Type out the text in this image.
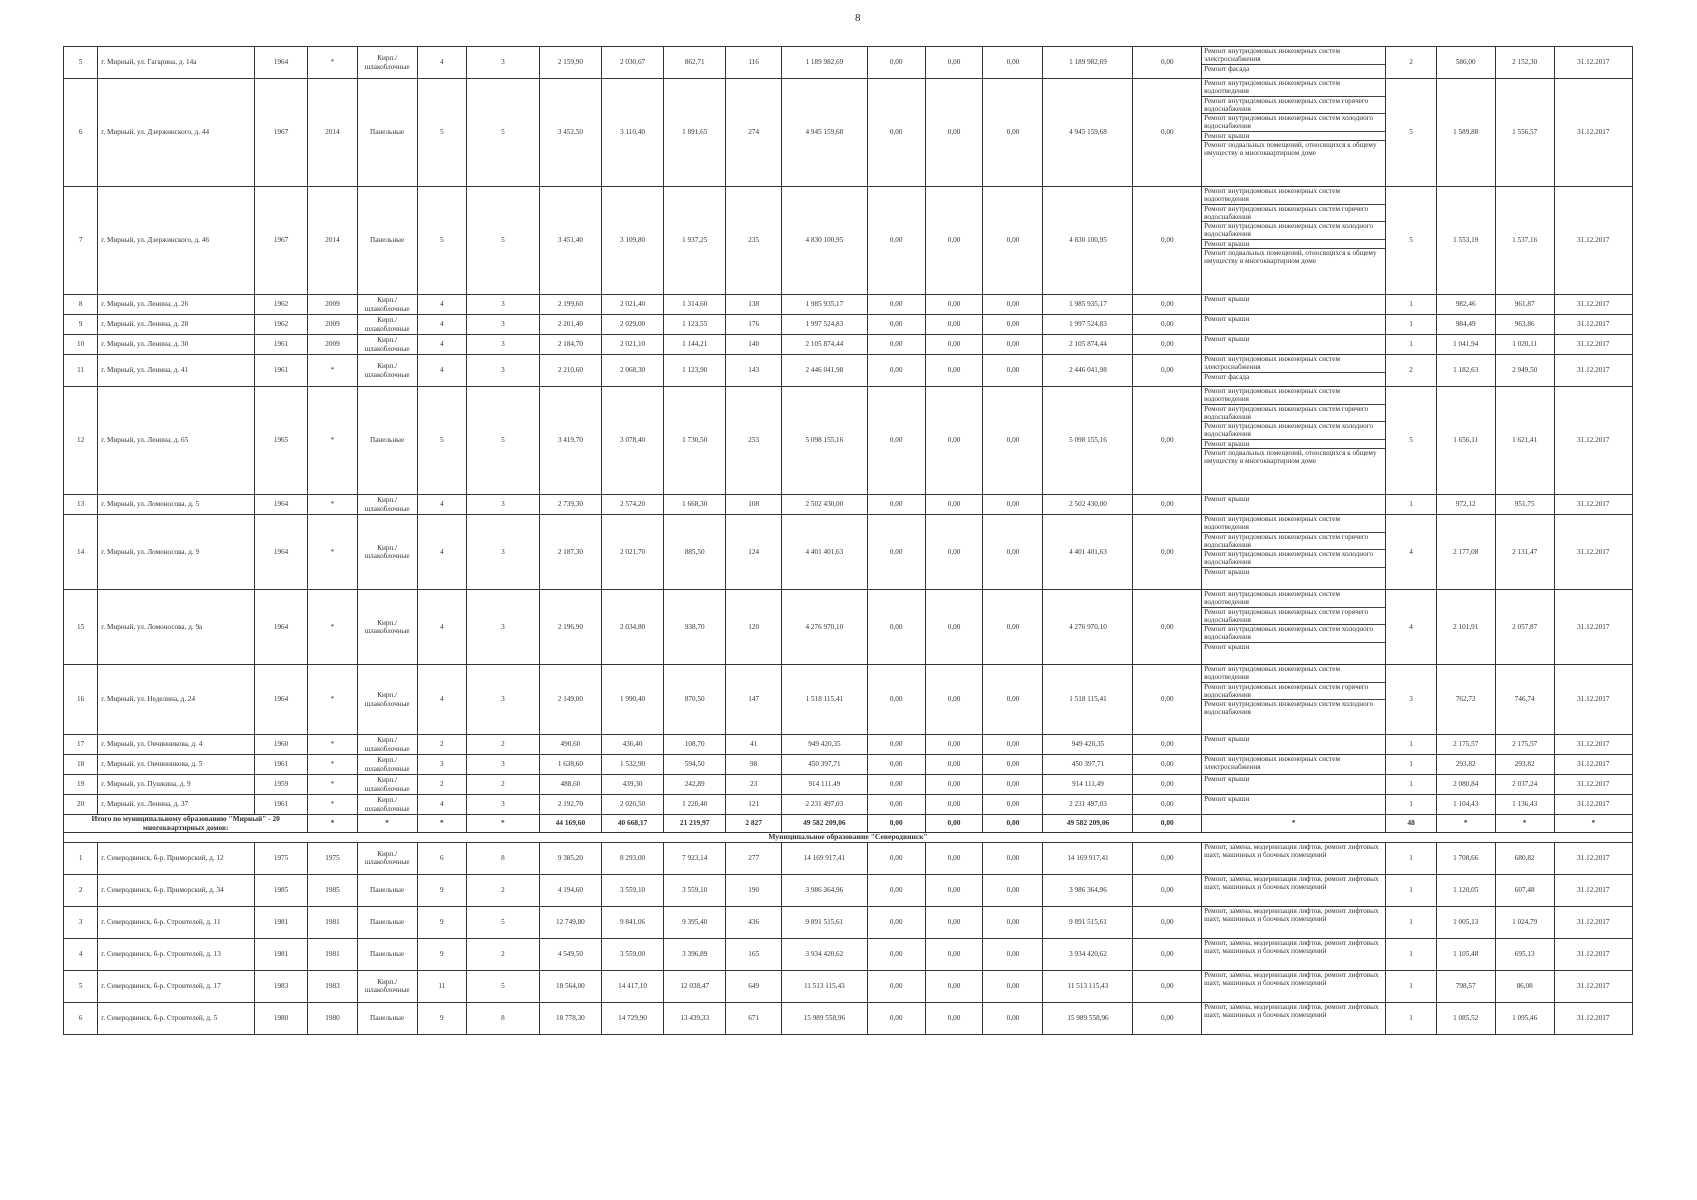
8
5	г. Мирный, ул. Гагарина, д. 14а	1964	*	Кирп./ шлакоблочные	4	3	2 159,90	2 030,67	862,71	116	1 189 982,69	0,00	0,00	0,00	1 189 982,69	0,00	Ремонт внутридомовых инженерных систем электроснабжения
Ремонт фасада	2	586,00	2 152,30	31.12.2017
6	г. Мирный, ул. Дзержинского, д. 44	1967	2014	Панельные	5	5	3 452,50	3 110,40	1 891,65	274	4 945 159,68	0,00	0,00	0,00	4 945 159,68	0,00	Ремонт внутридомовых инженерных систем водоотведения
Ремонт внутридомовых инженерных систем горячего водоснабжения
Ремонт внутридомовых инженерных систем холодного водоснабжения
Ремонт крыши
Ремонт подвальных помещений, относящихся к общему имуществу в многоквартирном доме	5	1 589,88	1 556,57	31.12.2017
7	г. Мирный, ул. Дзержинского, д. 46	1967	2014	Панельные	5	5	3 451,40	3 109,80	1 937,25	235	4 830 100,95	0,00	0,00	0,00	4 830 100,95	0,00	Ремонт внутридомовых инженерных систем водоотведения
Ремонт внутридомовых инженерных систем горячего водоснабжения
Ремонт внутридомовых инженерных систем холодного водоснабжения
Ремонт крыши
Ремонт подвальных помещений, относящихся к общему имуществу в многоквартирном доме	5	1 553,19	1 537,16	31.12.2017
8	г. Мирный, ул. Ленина, д. 26	1962	2009	Кирп./ шлакоблочные	4	3	2 199,60	2 021,40	1 314,60	138	1 985 935,17	0,00	0,00	0,00	1 985 935,17	0,00	Ремонт крыши	1	982,46	961,87	31.12.2017
9	г. Мирный, ул. Ленина, д. 28	1962	2009	Кирп./ шлакоблочные	4	3	2 201,40	2 029,00	1 123,55	176	1 997 524,83	0,00	0,00	0,00	1 997 524,83	0,00	Ремонт крыши	1	984,49	963,86	31.12.2017
10	г. Мирный, ул. Ленина, д. 30	1961	2009	Кирп./ шлакоблочные	4	3	2 184,70	2 021,10	1 144,21	140	2 105 874,44	0,00	0,00	0,00	2 105 874,44	0,00	Ремонт крыши	1	1 041,94	1 020,11	31.12.2017
11	г. Мирный, ул. Ленина, д. 41	1961	*	Кирп./ шлакоблочные	4	3	2 210,60	2 068,30	1 123,90	143	2 446 041,98	0,00	0,00	0,00	2 446 041,98	0,00	Ремонт внутридомовых инженерных систем электроснабжения
Ремонт фасада	2	1 182,63	2 949,50	31.12.2017
12	г. Мирный, ул. Ленина, д. 65	1965	*	Панельные	5	5	3 419,70	3 078,40	1 730,50	253	5 098 155,16	0,00	0,00	0,00	5 098 155,16	0,00	Ремонт внутридомовых инженерных систем водоотведения
Ремонт внутридомовых инженерных систем горячего водоснабжения
Ремонт внутридомовых инженерных систем холодного водоснабжения
Ремонт крыши
Ремонт подвальных помещений, относящихся к общему имуществу в многоквартирном доме	5	1 656,11	1 621,41	31.12.2017
13	г. Мирный, ул. Ломоносова, д. 5	1964	*	Кирп./ шлакоблочные	4	3	2 739,30	2 574,20	1 668,30	108	2 502 430,00	0,00	0,00	0,00	2 502 430,00	0,00	Ремонт крыши	1	972,12	951,75	31.12.2017
14	г. Мирный, ул. Ломоносова, д. 9	1964	*	Кирп./ шлакоблочные	4	3	2 187,30	2 021,70	885,50	124	4 401 401,63	0,00	0,00	0,00	4 401 401,63	0,00	Ремонт внутридомовых инженерных систем водоотведения
Ремонт внутридомовых инженерных систем горячего водоснабжения
Ремонт внутридомовых инженерных систем холодного водоснабжения
Ремонт крыши	4	2 177,08	2 131,47	31.12.2017
15	г. Мирный, ул. Ломоносова, д. 9а	1964	*	Кирп./ шлакоблочные	4	3	2 196,90	2 034,80	938,70	120	4 276 970,10	0,00	0,00	0,00	4 276 970,10	0,00	Ремонт внутридомовых инженерных систем водоотведения
Ремонт внутридомовых инженерных систем горячего водоснабжения
Ремонт внутридомовых инженерных систем холодного водоснабжения
Ремонт крыши	4	2 101,91	2 057,87	31.12.2017
16	г. Мирный, ул. Неделина, д. 24	1964	*	Кирп./ шлакоблочные	4	3	2 149,00	1 990,40	870,50	147	1 518 115,41	0,00	0,00	0,00	1 518 115,41	0,00	Ремонт внутридомовых инженерных систем водоотведения
Ремонт внутридомовых инженерных систем горячего водоснабжения
Ремонт внутридомовых инженерных систем холодного водоснабжения	3	762,72	746,74	31.12.2017
17	г. Мирный, ул. Овчинникова, д. 4	1960	*	Кирп./ шлакоблочные	2	2	490,60	436,40	108,70	41	949 420,35	0,00	0,00	0,00	949 420,35	0,00	Ремонт крыши	1	2 175,57	2 175,57	31.12.2017
18	г. Мирный, ул. Овчинникова, д. 5	1961	*	Кирп./ шлакоблочные	3	3	1 638,60	1 532,90	594,50	98	450 397,71	0,00	0,00	0,00	450 397,71	0,00	Ремонт внутридомовых инженерных систем электроснабжения	1	293,82	293,82	31.12.2017
19	г. Мирный, ул. Пушкина, д. 9	1959	*	Кирп./ шлакоблочные	2	2	488,60	439,30	242,89	23	914 111,49	0,00	0,00	0,00	914 111,49	0,00	Ремонт крыши	1	2 080,84	2 037,24	31.12.2017
20	г. Мирный, ул. Ленина, д. 37	1961	*	Кирп./ шлакоблочные	4	3	2 192,70	2 020,50	1 220,40	121	2 231 497,03	0,00	0,00	0,00	2 231 497,03	0,00	Ремонт крыши	1	1 104,43	1 136,43	31.12.2017
Итого по муниципальному образованию "Мирный" - 20 многоквартирных домов:			*	*	*	*	44 169,60	40 668,17	21 219,97	2 827	49 582 209,06	0,00	0,00	0,00	49 582 209,06	0,00	*	48	*	*	*
Муниципальное образование "Северодвинск"																					
1	г. Северодвинск, б-р. Приморский, д. 12	1975	1975	Кирп./ шлакоблочные	6	8	9 385,20	8 293,00	7 923,14	277	14 169 917,41	0,00	0,00	0,00	14 169 917,41	0,00	Ремонт, замена, модернизация лифтов, ремонт лифтовых шахт, машинных и блочных помещений	1	1 708,66	680,82	31.12.2017
2	г. Северодвинск, б-р. Приморский, д. 34	1985	1985	Панельные	9	2	4 194,60	3 559,10	3 559,10	190	3 986 364,96	0,00	0,00	0,00	3 986 364,96	0,00	Ремонт, замена, модернизация лифтов, ремонт лифтовых шахт, машинных и блочных помещений	1	1 120,05	607,48	31.12.2017
3	г. Северодвинск, б-р. Строителей, д. 11	1981	1981	Панельные	9	5	12 749,80	9 841,06	9 395,40	436	9 891 515,61	0,00	0,00	0,00	9 891 515,61	0,00	Ремонт, замена, модернизация лифтов, ремонт лифтовых шахт, машинных и блочных помещений	1	1 005,13	1 024,79	31.12.2017
4	г. Северодвинск, б-р. Строителей, д. 13	1981	1981	Панельные	9	2	4 549,50	3 559,00	3 396,89	165	3 934 420,62	0,00	0,00	0,00	3 934 420,62	0,00	Ремонт, замена, модернизация лифтов, ремонт лифтовых шахт, машинных и блочных помещений	1	1 105,48	695,13	31.12.2017
5	г. Северодвинск, б-р. Строителей, д. 17	1983	1983	Кирп./ шлакоблочные	11	5	18 564,00	14 417,10	12 038,47	649	11 513 115,43	0,00	0,00	0,00	11 513 115,43	0,00	Ремонт, замена, модернизация лифтов, ремонт лифтовых шахт, машинных и блочных помещений	1	798,57	86,08	31.12.2017
6	г. Северодвинск, б-р. Строителей, д. 5	1980	1980	Панельные	9	8	18 778,30	14 729,90	13 439,33	671	15 989 558,96	0,00	0,00	0,00	15 989 558,96	0,00	Ремонт, замена, модернизация лифтов, ремонт лифтовых шахт, машинных и блочных помещений	1	1 085,52	1 095,46	31.12.2017
